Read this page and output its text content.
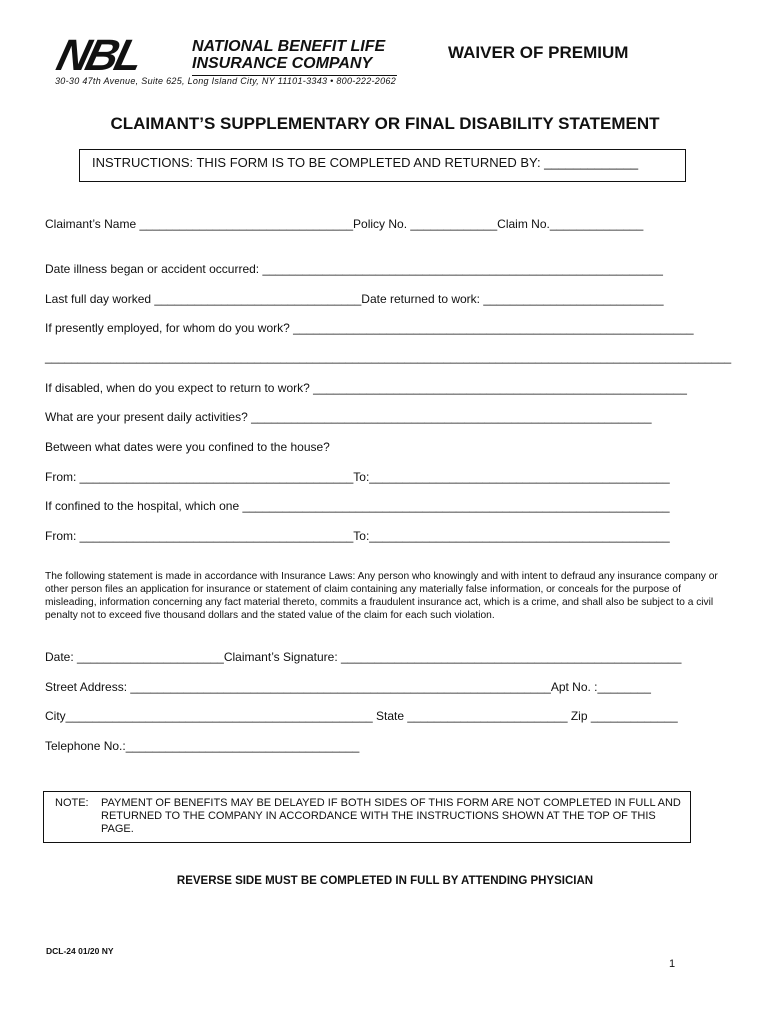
NBL	NATIONAL BENEFIT LIFE
INSURANCE COMPANY
30-30 47th Avenue, Suite 625, Long Island City, NY 11101-3343 • 800-222-2062
WAIVER OF PREMIUM
CLAIMANT’S SUPPLEMENTARY OR FINAL DISABILITY STATEMENT
INSTRUCTIONS: THIS FORM IS TO BE COMPLETED AND RETURNED BY: _____________
Claimant’s Name ________________________________Policy No. _____________Claim No.______________
Date illness began or accident occurred: ____________________________________________________________
Last full day worked _______________________________Date returned to work: ___________________________
If presently employed, for whom do you work? ____________________________________________________________
_________________________________________________________________________________________________________
If disabled, when do you expect to return to work? ________________________________________________________
What are your present daily activities? ____________________________________________________________
Between what dates were you confined to the house?
From: _________________________________________To:_____________________________________________
If confined to the hospital, which one ________________________________________________________________
From: _________________________________________To:_____________________________________________
The following statement is made in accordance with Insurance Laws: Any person who knowingly and with intent to defraud any insurance company or other person files an application for insurance or statement of claim containing any materially false information, or conceals for the purpose of misleading, information concerning any fact material thereto, commits a fraudulent insurance act, which is a crime, and shall also be subject to a civil penalty not to exceed five thousand dollars and the stated value of the claim for each such violation.
Date: ______________________Claimant’s Signature: ___________________________________________________
Street Address: _______________________________________________________________Apt No. :________
City______________________________________________ State ________________________ Zip _____________
Telephone No.:___________________________________
NOTE: PAYMENT OF BENEFITS MAY BE DELAYED IF BOTH SIDES OF THIS FORM ARE NOT COMPLETED IN FULL AND RETURNED TO THE COMPANY IN ACCORDANCE WITH THE INSTRUCTIONS SHOWN AT THE TOP OF THIS PAGE.
REVERSE SIDE MUST BE COMPLETED IN FULL BY ATTENDING PHYSICIAN
DCL-24 01/20 NY
1
